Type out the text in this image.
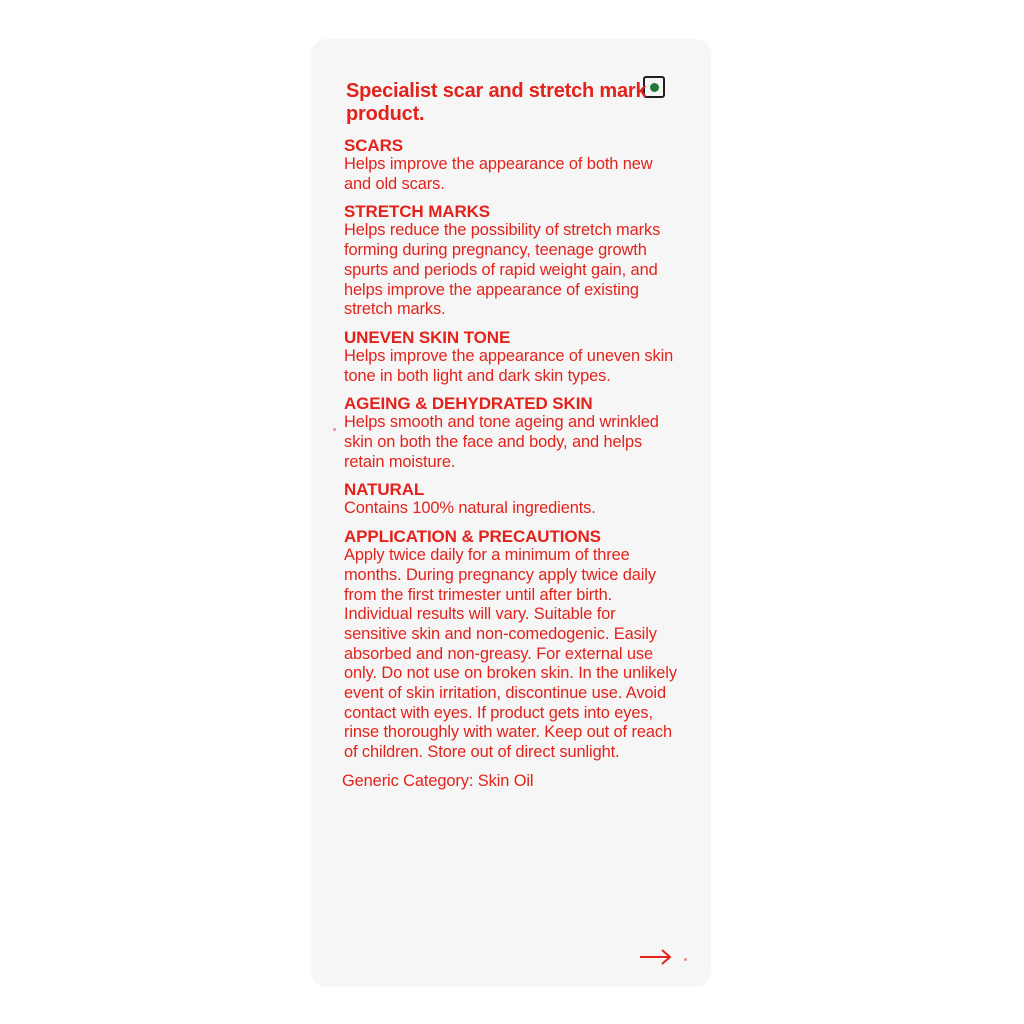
Specialist scar and stretch mark product.
SCARS
Helps improve the appearance of both new and old scars.
STRETCH MARKS
Helps reduce the possibility of stretch marks forming during pregnancy, teenage growth spurts and periods of rapid weight gain, and helps improve the appearance of existing stretch marks.
UNEVEN SKIN TONE
Helps improve the appearance of uneven skin tone in both light and dark skin types.
AGEING & DEHYDRATED SKIN
Helps smooth and tone ageing and wrinkled skin on both the face and body, and helps retain moisture.
NATURAL
Contains 100% natural ingredients.
APPLICATION & PRECAUTIONS
Apply twice daily for a minimum of three months. During pregnancy apply twice daily from the first trimester until after birth. Individual results will vary. Suitable for sensitive skin and non-comedogenic. Easily absorbed and non-greasy. For external use only. Do not use on broken skin. In the unlikely event of skin irritation, discontinue use. Avoid contact with eyes. If product gets into eyes, rinse thoroughly with water. Keep out of reach of children. Store out of direct sunlight.
Generic Category: Skin Oil
